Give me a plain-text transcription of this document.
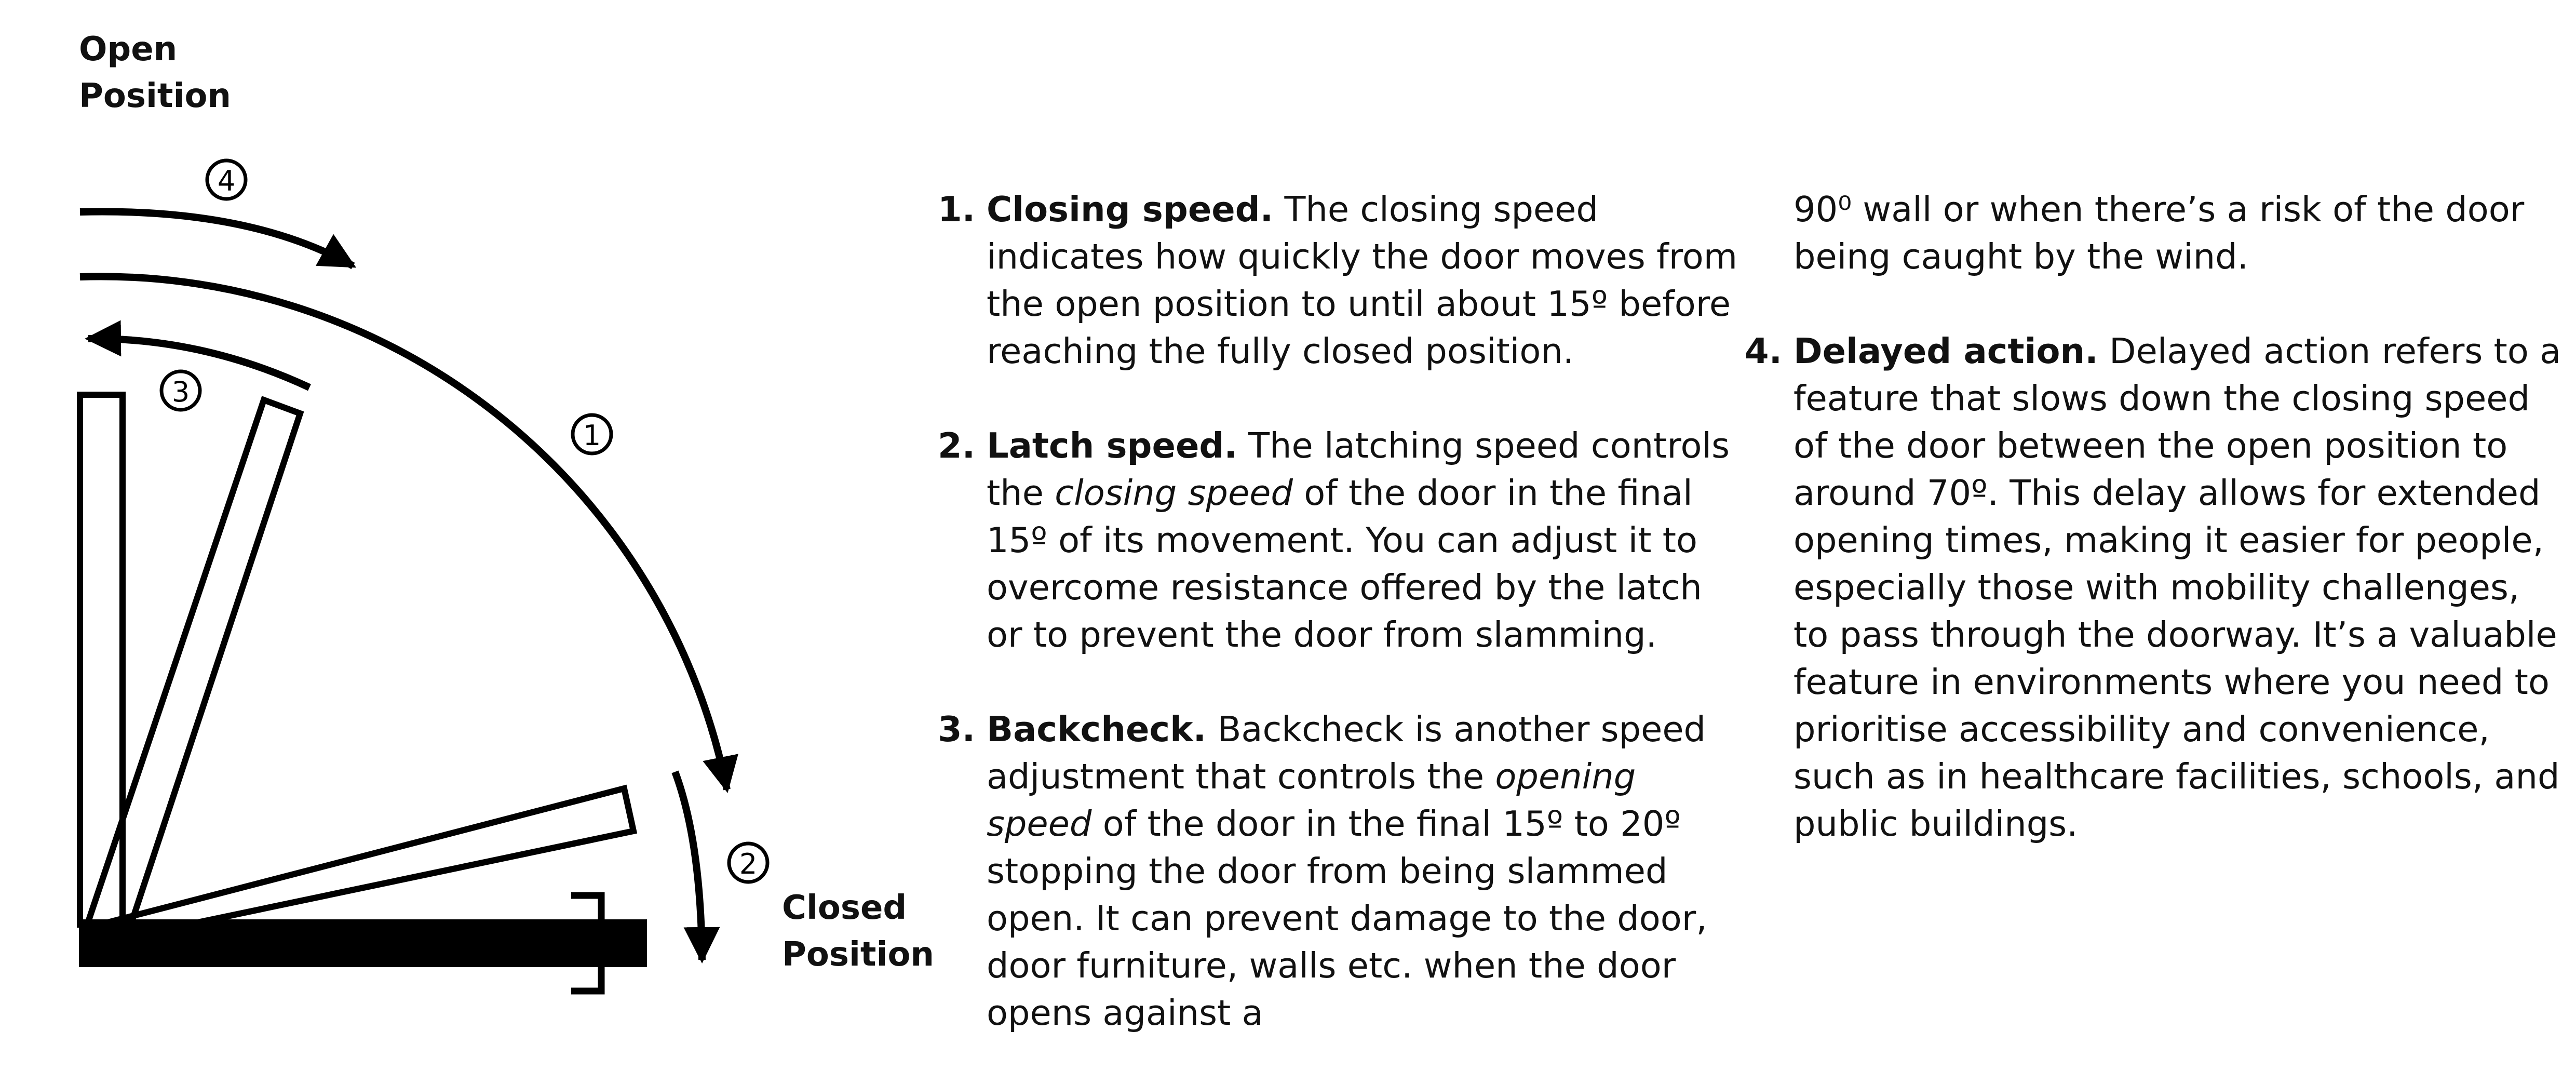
4
3
1
2
Open
Position
Closed
Position
1. Closing speed. The closing speed indicates how quickly the door moves from the open position to until about 15º before reaching the fully closed position.
2. Latch speed. The latching speed controls the closing speed of the door in the final 15º of its movement. You can adjust it to overcome resistance offered by the latch or to prevent the door from slamming.
3. Backcheck. Backcheck is another speed adjustment that controls the opening speed of the door in the final 15º to 20º stopping the door from being slammed open. It can prevent damage to the door, door furniture, walls etc. when the door opens against a
90⁰ wall or when there’s a risk of the door being caught by the wind.
4. Delayed action. Delayed action refers to a feature that slows down the closing speed of the door between the open position to around 70º. This delay allows for extended opening times, making it easier for people, especially those with mobility challenges, to pass through the doorway. It’s a valuable feature in environments where you need to prioritise accessibility and convenience, such as in healthcare facilities, schools, and public buildings.
